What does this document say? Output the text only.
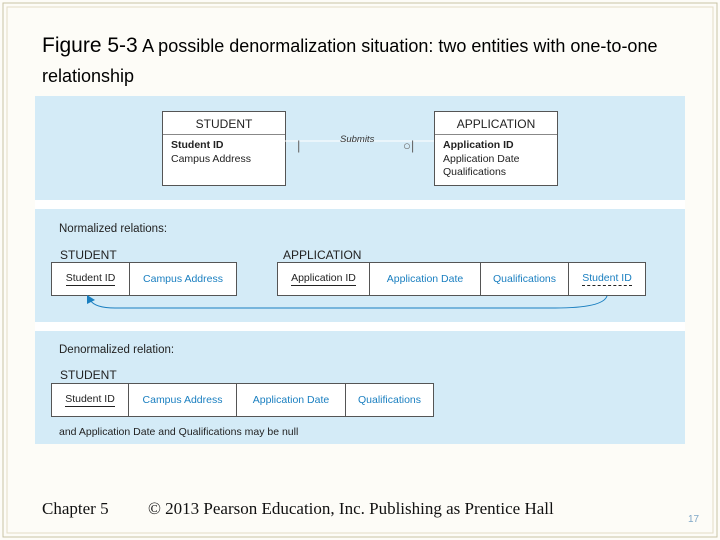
Figure 5-3 A possible denormalization situation: two entities with one-to-one relationship
STUDENT
Student ID
Campus Address
|	Submits ○|
APPLICATION
Application ID
Application Date
Qualifications
Normalized relations:
STUDENT	APPLICATION
Student ID	Campus Address	Application ID	Application Date	Qualifications	Student ID
Denormalized relation:
STUDENT
Student ID	Campus Address	Application Date	Qualifications
and Application Date and Qualifications may be null
Chapter 5 © 2013 Pearson Education, Inc. Publishing as Prentice Hall
17
